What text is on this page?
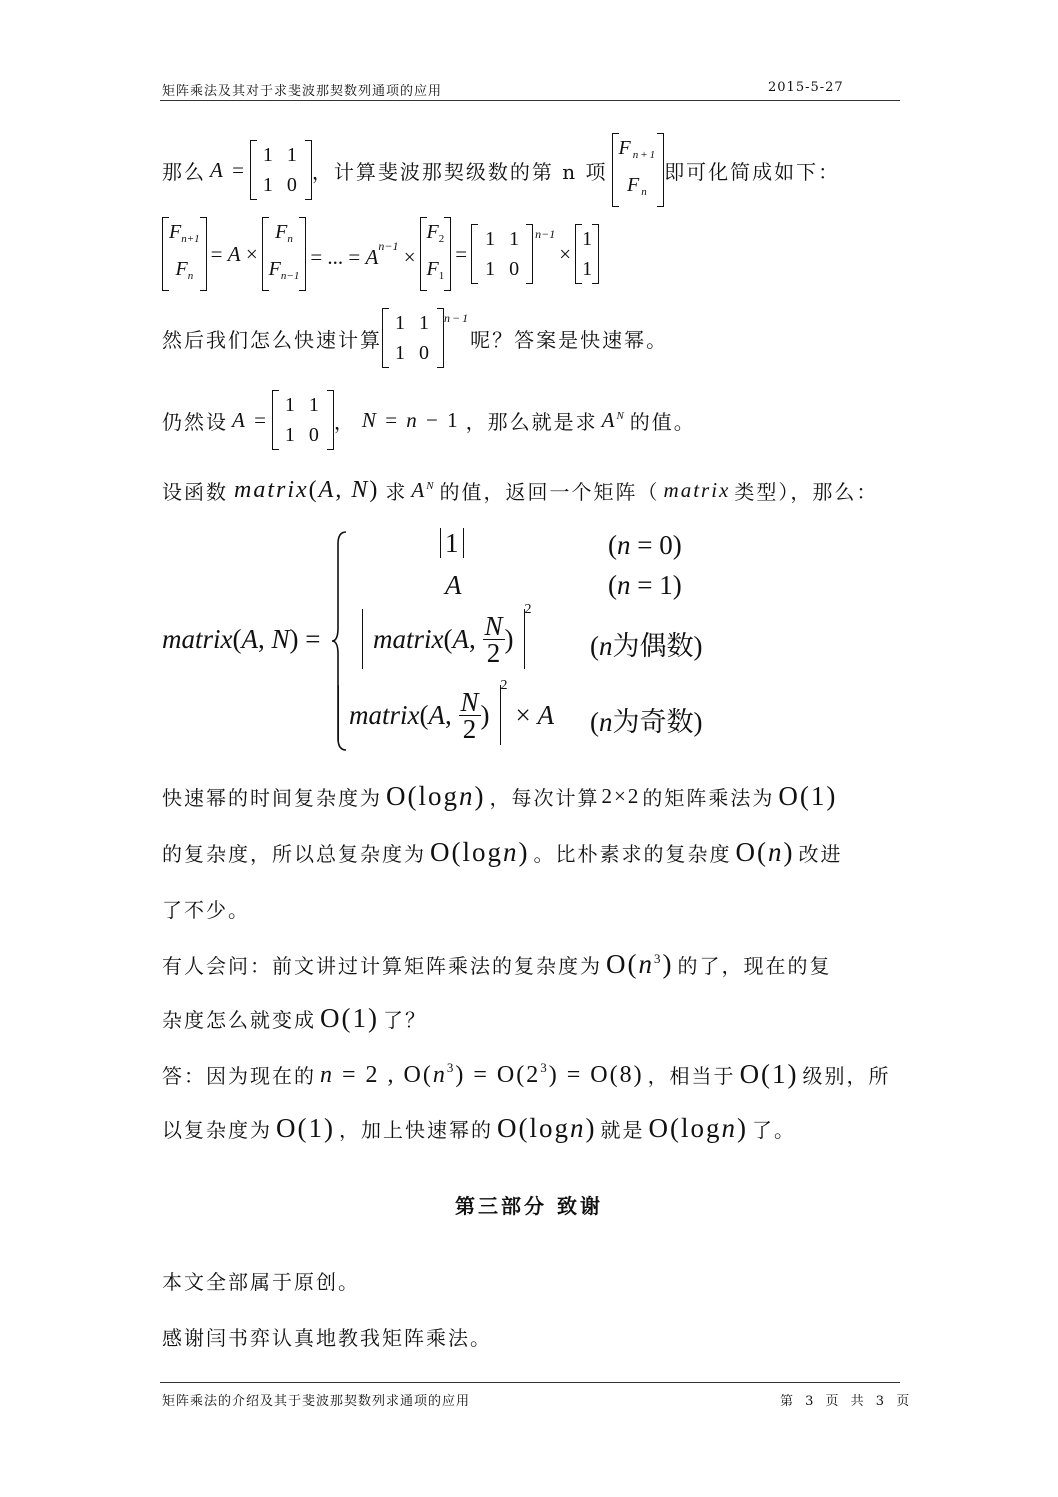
矩阵乘法及其对于求斐波那契数列通项的应用	2015-5-27
那么 A =
1 1
1 0
，计算斐波那契级数的第 n 项
Fn+1
Fn
即可化简成如下：
Fn+1
Fn
= A ×
Fn
Fn−1
= ... = $A^{n-1}$ ×
F2
F1
=
1 1
1 0
n−1
×
1
1
然后我们怎么快速计算
1 1
1 0
n−1
呢？答案是快速幂。
仍然设 A =
1 1
1 0
， N = n − 1 ，那么就是求 $A^N$ 的值。
设函数 matrix(A, N) 求 $A^N$ 的值，返回一个矩阵（ matrix 类型），那么：
matrix(A, N) =
1	(n = 0)
A	(n = 1)
matrix ( A , N
2 )
2
(n为偶数)
matrix ( A , N
2 )
2
× A (n为奇数)
快速幂的时间复杂度为 O(logn) ，每次计算 2×2 的矩阵乘法为 O(1)
的复杂度，所以总复杂度为 O(logn) 。比朴素求的复杂度 O(n) 改进
了不少。
有人会问：前文讲过计算矩阵乘法的复杂度为 $O(n^3)$ 的了，现在的复
杂度怎么就变成 O(1) 了？
答：因为现在的 n = 2 , $O(n^3) = O(2^3) = O(8)$ ，相当于 O(1) 级别，所
以复杂度为 O(1) ，加上快速幂的 O(logn) 就是 O(logn) 了。
第三部分 致谢
本文全部属于原创。
感谢闫书弈认真地教我矩阵乘法。
矩阵乘法的介绍及其于斐波那契数列求通项的应用	第 3 页 共 3 页
